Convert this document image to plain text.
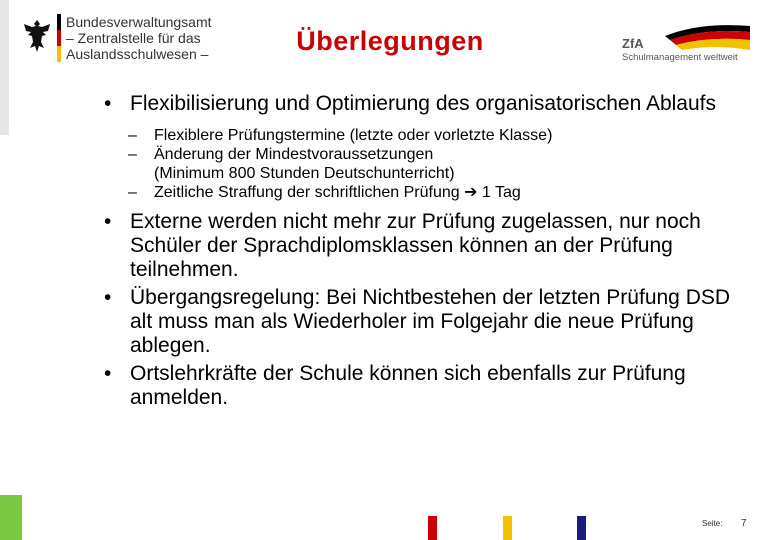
Bundesverwaltungsamt
– Zentralstelle für das
Auslandsschulwesen –	Überlegungen	ZfA
Schulmanagement weltweit
• Flexibilisierung und Optimierung des organisatorischen Ablaufs
– Flexiblere Prüfungstermine (letzte oder vorletzte Klasse)
– Änderung der Mindestvoraussetzungen
(Minimum 800 Stunden Deutschunterricht)
– Zeitliche Straffung der schriftlichen Prüfung ➔ 1 Tag
• Externe werden nicht mehr zur Prüfung zugelassen, nur noch Schüler der Sprachdiplomsklassen können an der Prüfung teilnehmen.
• Übergangsregelung: Bei Nichtbestehen der letzten Prüfung DSD alt muss man als Wiederholer im Folgejahr die neue Prüfung ablegen.
• Ortslehrkräfte der Schule können sich ebenfalls zur Prüfung anmelden.
Seite: 7
